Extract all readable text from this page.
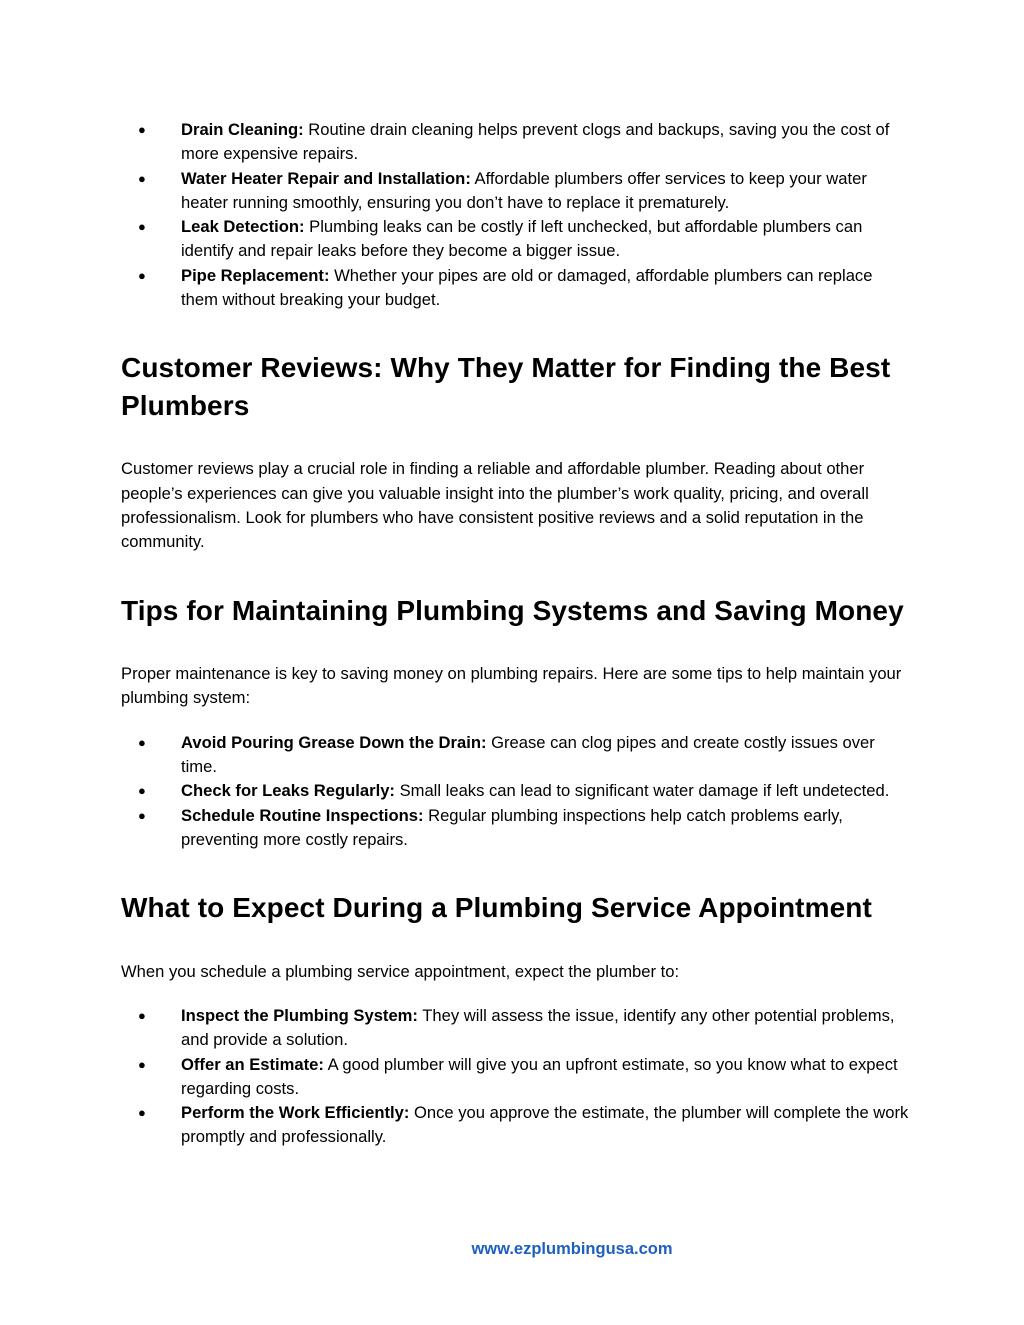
● Drain Cleaning: Routine drain cleaning helps prevent clogs and backups, saving you the cost of more expensive repairs.
● Water Heater Repair and Installation: Affordable plumbers offer services to keep your water heater running smoothly, ensuring you don’t have to replace it prematurely.
● Leak Detection: Plumbing leaks can be costly if left unchecked, but affordable plumbers can identify and repair leaks before they become a bigger issue.
● Pipe Replacement: Whether your pipes are old or damaged, affordable plumbers can replace them without breaking your budget.
Customer Reviews: Why They Matter for Finding the Best Plumbers

Customer reviews play a crucial role in finding a reliable and affordable plumber. Reading about other people’s experiences can give you valuable insight into the plumber’s work quality, pricing, and overall professionalism. Look for plumbers who have consistent positive reviews and a solid reputation in the community.

Tips for Maintaining Plumbing Systems and Saving Money

Proper maintenance is key to saving money on plumbing repairs. Here are some tips to help maintain your plumbing system:

● Avoid Pouring Grease Down the Drain: Grease can clog pipes and create costly issues over time.
● Check for Leaks Regularly: Small leaks can lead to significant water damage if left undetected.
● Schedule Routine Inspections: Regular plumbing inspections help catch problems early, preventing more costly repairs.
What to Expect During a Plumbing Service Appointment

When you schedule a plumbing service appointment, expect the plumber to:

● Inspect the Plumbing System: They will assess the issue, identify any other potential problems, and provide a solution.
● Offer an Estimate: A good plumber will give you an upfront estimate, so you know what to expect regarding costs.
● Perform the Work Efficiently: Once you approve the estimate, the plumber will complete the work promptly and professionally.
www.ezplumbingusa.com
